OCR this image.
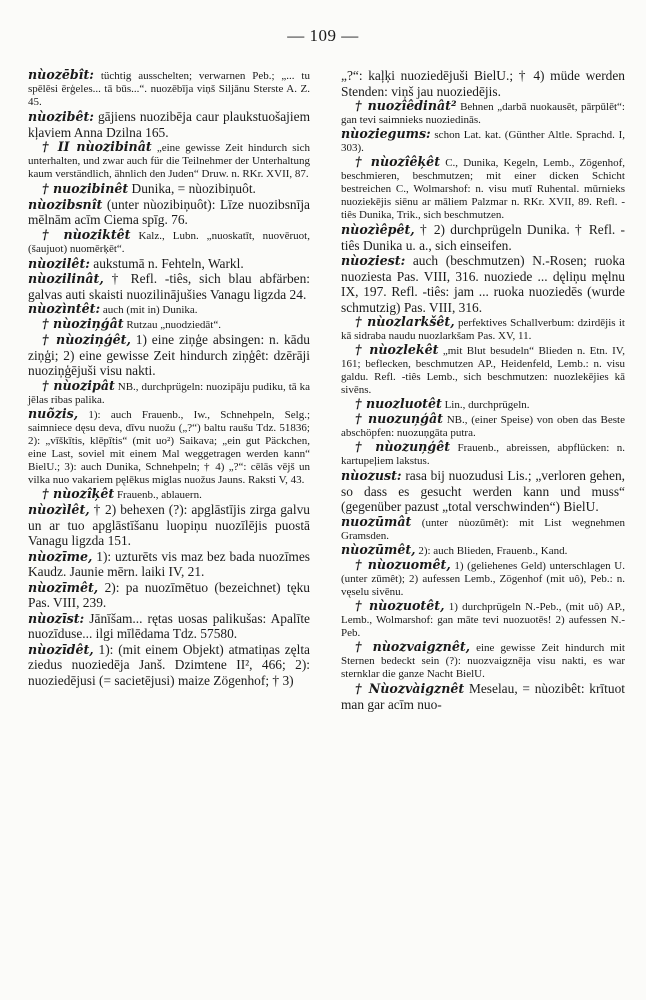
— 109 —
nùozēbît: tüchtig ausschelten; verwarnen Peb.; „... tu spēlēsi ērģeles... tā būs...“. nuozēbīja viņš Siljānu Sterste A. Z. 45.
nùozibêt: gājiens nuozibēja caur plaukstuošajiem kļaviem Anna Dzilna 165.
† II nùozibinât „eine gewisse Zeit hindurch sich unterhalten, und zwar auch für die Teilnehmer der Unterhaltung kaum verständlich, ähnlich den Juden“ Druw. n. RKr. XVII, 87.
† nuozibinêt Dunika, = nùozibiņuôt.
nùozibsnît (unter nùozibiņuôt): Līze nuozibsnīja mēlnām acīm Ciema spīg. 76.
† nùoziktêt Kalz., Lubn. „nuoskatīt, nuovēruot, (šaujuot) nuomērķēt“.
nùozilêt: aukstumā n. Fehteln, Warkl.
nùozilinât, † Refl. -tiês, sich blau abfärben: galvas auti skaisti nuozilinājušies Vanagu ligzda 24.
nùozìntêt: auch (mit in) Dunika.
† nùoziņģât Rutzau „nuodziedāt“.
† nùoziņģêt, 1) eine ziņģe absingen: n. kādu ziņģi; 2) eine gewisse Zeit hindurch ziņģêt: dzērāji nuoziņģējuši visu nakti.
† nùozipât NB., durchprügeln: nuozipāju pudiku, tā ka jēlas ribas palika.
nuõzis, 1): auch Frauenb., Iw., Schnehpeln, Selg.; saimniece dęsu deva, dīvu nuožu („?“) baltu raušu Tdz. 51836; 2): „vīškītis, klēpītis“ (mit uo²) Saikava; „ein gut Päckchen, eine Last, soviel mit einem Mal weggetragen werden kann“ BielU.; 3): auch Dunika, Schnehpeln; † 4) „?“: cēlās vējš un vilka nuo vakariem pęlēkus miglas nuožus Jauns. Raksti V, 43.
† nùozîķêt Frauenb., ablauern.
nùozìlêt, † 2) behexen (?): apglāstījis zirga galvu un ar tuo apglāstīšanu luopiņu nuozīlējis puostā Vanagu ligzda 151.
nùozīme, 1): uzturēts vis maz bez bada nuozīmes Kaudz. Jaunie mērn. laiki IV, 21.
nùozīmêt, 2): pa nuozīmētuo (bezeichnet) tęku Pas. VIII, 239.
nùozīst: Jānīšam... rętas uosas palikušas: Apalīte nuozīduse... ilgi mīlēdama Tdz. 57580.
nùozīdêt, 1): (mit einem Objekt) atmatiņas zęlta ziedus nuoziedēja Janš. Dzimtene II², 466; 2): nuoziedējusi (= sacietējusi) maize Zögenhof; † 3)
„?“: kaļķi nuoziedējuši BielU.; † 4) müde werden Stenden: viņš jau nuoziedējis.
† nuozîêdinât² Behnen „darbā nuokausēt, pārpūlēt“: gan tevi saimnieks nuoziedinās.
nùoziegums: schon Lat. kat. (Günther Altle. Sprachd. I, 303).
† nùozîêķêt C., Dunika, Kegeln, Lemb., Zögenhof, beschmieren, beschmutzen; mit einer dicken Schicht bestreichen C., Wolmarshof: n. visu mutī Ruhental. mūrnieks nuoziekējis siēnu ar māliem Palzmar n. RKr. XVII, 89. Refl. -tiês Dunika, Trik., sich beschmutzen.
nùozìêpêt, † 2) durchprügeln Dunika. † Refl. -tiês Dunika u. a., sich einseifen.
nùoziest: auch (beschmutzen) N.-Rosen; ruoka nuoziesta Pas. VIII, 316. nuoziede ... dęliņu męlnu IX, 197. Refl. -tiês: jam ... ruoka nuoziedēs (wurde schmutzig) Pas. VIII, 316.
† nùozlarkšêt, perfektives Schallverbum: dzirdējis it kā sidraba naudu nuozlarkšam Pas. XV, 11.
† nùozlekêt „mit Blut besudeln“ Blieden n. Etn. IV, 161; beflecken, beschmutzen AP., Heidenfeld, Lemb.: n. visu galdu. Refl. -tiês Lemb., sich beschmutzen: nuozlekējies kā sivēns.
† nuozluotêt Lin., durchprügeln.
† nuozuņģât NB., (einer Speise) von oben das Beste abschöpfen: nuozuņgāta putra.
† nùozuņģêt Frauenb., abreissen, abpflücken: n. kartupeļiem lakstus.
nùozust: rasa bij nuozudusi Lis.; „verloren gehen, so dass es gesucht werden kann und muss“ (gegenüber pazust „total verschwinden“) BielU.
nuozūmât (unter nùozūmêt): mit List wegnehmen Gramsden.
nùozūmêt, 2): auch Blieden, Frauenb., Kand.
† nùozuomêt, 1) (geliehenes Geld) unterschlagen U. (unter zūmêt); 2) aufessen Lemb., Zögenhof (mit uô), Peb.: n. vęselu sivēnu.
† nùozuotêt, 1) durchprügeln N.-Peb., (mit uô) AP., Lemb., Wolmarshof: gan māte tevi nuozuotēs! 2) aufessen N.-Peb.
† nùozvaigznêt, eine gewisse Zeit hindurch mit Sternen bedeckt sein (?): nuozvaigznēja visu nakti, es war sternklar die ganze Nacht BielU.
† Nùozvàigznêt Meselau, = nùozibêt: krītuot man gar acīm nuo-
